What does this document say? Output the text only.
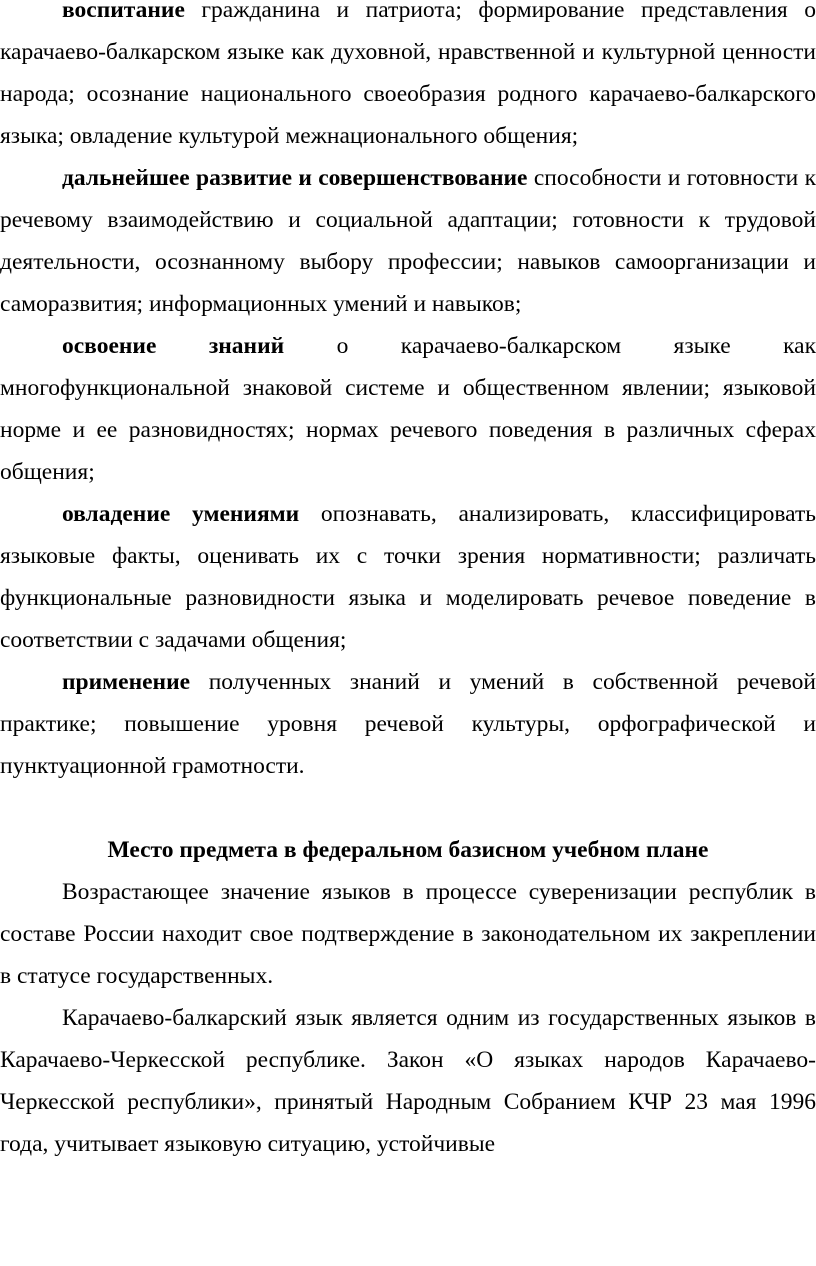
воспитание гражданина и патриота; формирование представления о карачаево-балкарском языке как духовной, нравственной и культурной ценности народа; осознание национального своеобразия родного карачаево-балкарского языка; овладение культурой межнационального общения;

дальнейшее развитие и совершенствование способности и готовности к речевому взаимодействию и социальной адаптации; готовности к трудовой деятельности, осознанному выбору профессии; навыков самоорганизации и саморазвития; информационных умений и навыков;

освоение знаний о карачаево-балкарском языке как многофункциональной знаковой системе и общественном явлении; языковой норме и ее разновидностях; нормах речевого поведения в различных сферах общения;

овладение умениями опознавать, анализировать, классифицировать языковые факты, оценивать их с точки зрения нормативности; различать функциональные разновидности языка и моделировать речевое поведение в соответствии с задачами общения;

применение полученных знаний и умений в собственной речевой практике; повышение уровня речевой культуры, орфографической и пунктуационной грамотности.

Место предмета в федеральном базисном учебном плане

Возрастающее значение языков в процессе суверенизации республик в составе России находит свое подтверждение в законодательном их закреплении в статусе государственных.

Карачаево-балкарский язык является одним из государственных языков в Карачаево-Черкесской республике. Закон «О языках народов Карачаево-Черкесской республики», принятый Народным Собранием КЧР 23 мая 1996 года, учитывает языковую ситуацию, устойчивые
